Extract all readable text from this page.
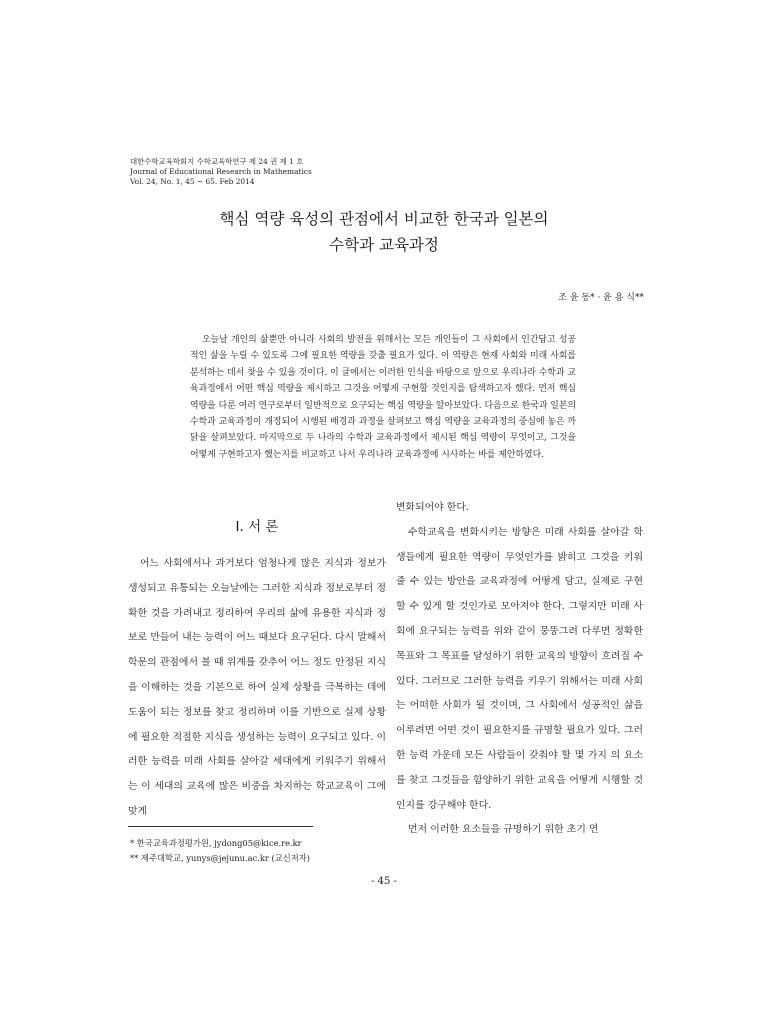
대한수학교육학회지 수학교육학연구 제 24 권 제 1 호
Journal of Educational Research in Mathematics
Vol. 24, No. 1, 45 ~ 65. Feb 2014
핵심 역량 육성의 관점에서 비교한 한국과 일본의
수학과 교육과정
조 윤 동* · 윤 용 식**
오늘날 개인의 삶뿐만 아니라 사회의 발전을 위해서는 모든 개인들이 그 사회에서 인간답고 성공적인 삶을 누릴 수 있도록 그에 필요한 역량을 갖출 필요가 있다. 이 역량은 현재 사회와 미래 사회를 분석하는 데서 찾을 수 있을 것이다. 이 글에서는 이러한 인식을 바탕으로 앞으로 우리나라 수학과 교육과정에서 어떤 핵심 역량을 제시하고 그것을 어떻게 구현할 것인지를 탐색하고자 했다. 먼저 핵심 역량을 다룬 여러 연구로부터 일반적으로 요구되는 핵심 역량을 알아보았다. 다음으로 한국과 일본의 수학과 교육과정이 개정되어 시행된 배경과 과정을 살펴보고 핵심 역량을 교육과정의 중심에 놓은 까닭을 살펴보았다. 마지막으로 두 나라의 수학과 교육과정에서 제시된 핵심 역량이 무엇이고, 그것을 어떻게 구현하고자 했는지를 비교하고 나서 우리나라 교육과정에 시사하는 바를 제안하였다.
Ⅰ. 서 론

어느 사회에서나 과거보다 엄청나게 많은 지식과 정보가 생성되고 유통되는 오늘날에는 그러한 지식과 정보로부터 정확한 것을 가려내고 정리하여 우리의 삶에 유용한 지식과 정보로 만들어 내는 능력이 어느 때보다 요구된다. 다시 말해서 학문의 관점에서 볼 때 위계를 갖추어 어느 정도 안정된 지식을 이해하는 것을 기본으로 하여 실제 상황을 극복하는 데에 도움이 되는 정보를 찾고 정리하며 이를 기반으로 실제 상황에 필요한 적절한 지식을 생성하는 능력이 요구되고 있다. 이러한 능력을 미래 사회를 살아갈 세대에게 키워주기 위해서는 이 세대의 교육에 많은 비중을 차지하는 학교교육이 그에 맞게

변화되어야 한다.

수학교육을 변화시키는 방향은 미래 사회를 살아갈 학생들에게 필요한 역량이 무엇인가를 밝히고 그것을 키워 줄 수 있는 방안을 교육과정에 어떻게 담고, 실제로 구현할 수 있게 할 것인가로 모아져야 한다. 그렇지만 미래 사회에 요구되는 능력을 위와 같이 뭉뚱그려 다루면 정확한 목표와 그 목표를 달성하기 위한 교육의 방향이 흐려질 수 있다. 그러므로 그러한 능력을 키우기 위해서는 미래 사회는 어떠한 사회가 될 것이며, 그 사회에서 성공적인 삶을 이루려면 어떤 것이 필요한지를 규명할 필요가 있다. 그러한 능력 가운데 모든 사람들이 갖춰야 할 몇 가지 의 요소를 찾고 그것들을 함양하기 위한 교육을 어떻게 시행할 것인지를 강구해야 한다.

먼저 이러한 요소들을 규명하기 위한 초기 연

* 한국교육과정평가원, jydong05@kice.re.kr
** 제주대학교, yunys@jejunu.ac.kr (교신저자)
- 45 -
